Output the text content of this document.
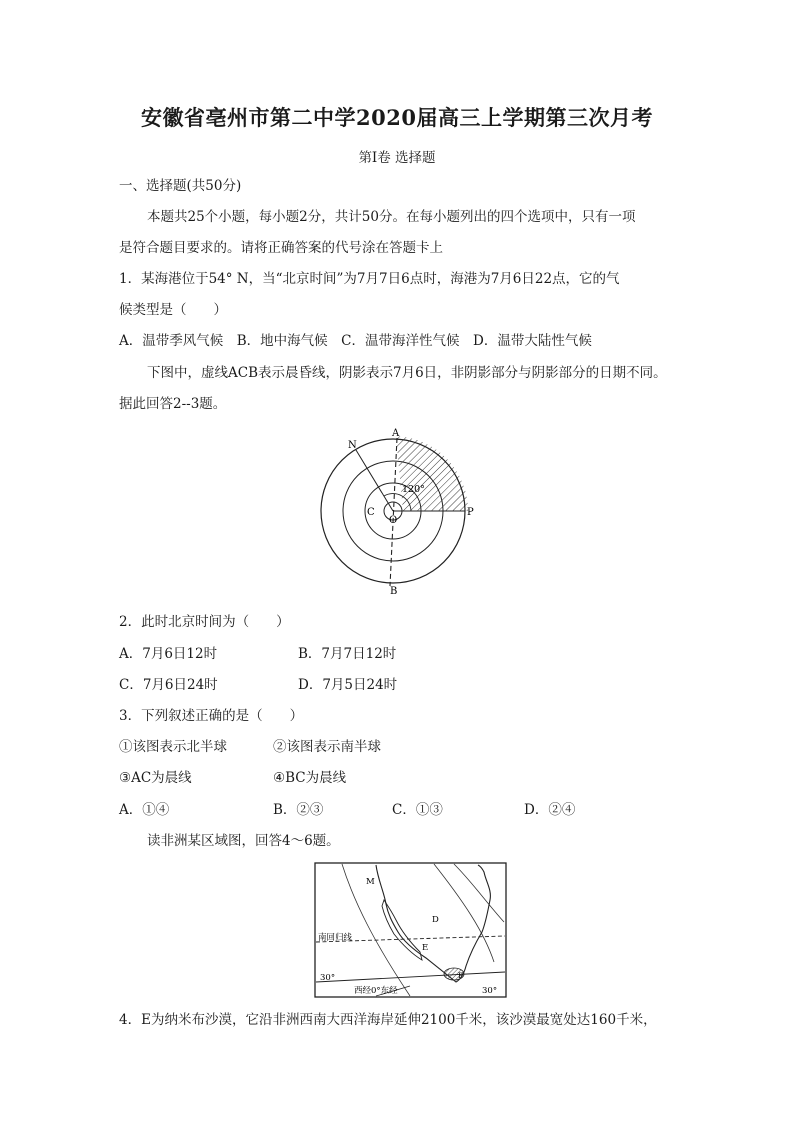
安徽省亳州市第二中学2020届高三上学期第三次月考
第Ⅰ卷 选择题
一、选择题(共50分)
本题共25个小题，每小题2分，共计50分。在每小题列出的四个选项中，只有一项
是符合题目要求的。请将正确答案的代号涂在答题卡上
1．某海港位于54° N，当“北京时间”为7月7日6点时，海港为7月6日22点，它的气
候类型是（　　）
A．温带季风气候　B．地中海气候　C．温带海洋性气候　D．温带大陆性气候
下图中，虚线ACB表示晨昏线，阴影表示7月6日，非阴影部分与阴影部分的日期不同。
据此回答2--3题。
N
A
120°
C
O
P
B
2．此时北京时间为（　　）
A．7月6日12时	B．7月7日12时
C．7月6日24时	D．7月5日24时
3．下列叙述正确的是（　　）
①该图表示北半球	②该图表示南半球
③AC为晨线	④BC为晨线
A．①④	B．②③	C．①③	D．②④
读非洲某区域图，回答4～6题。
M
D
E
F
南回归线
30°
西经0°东经	30°
4．E为纳米布沙漠，它沿非洲西南大西洋海岸延伸2100千米，该沙漠最宽处达160千米，
